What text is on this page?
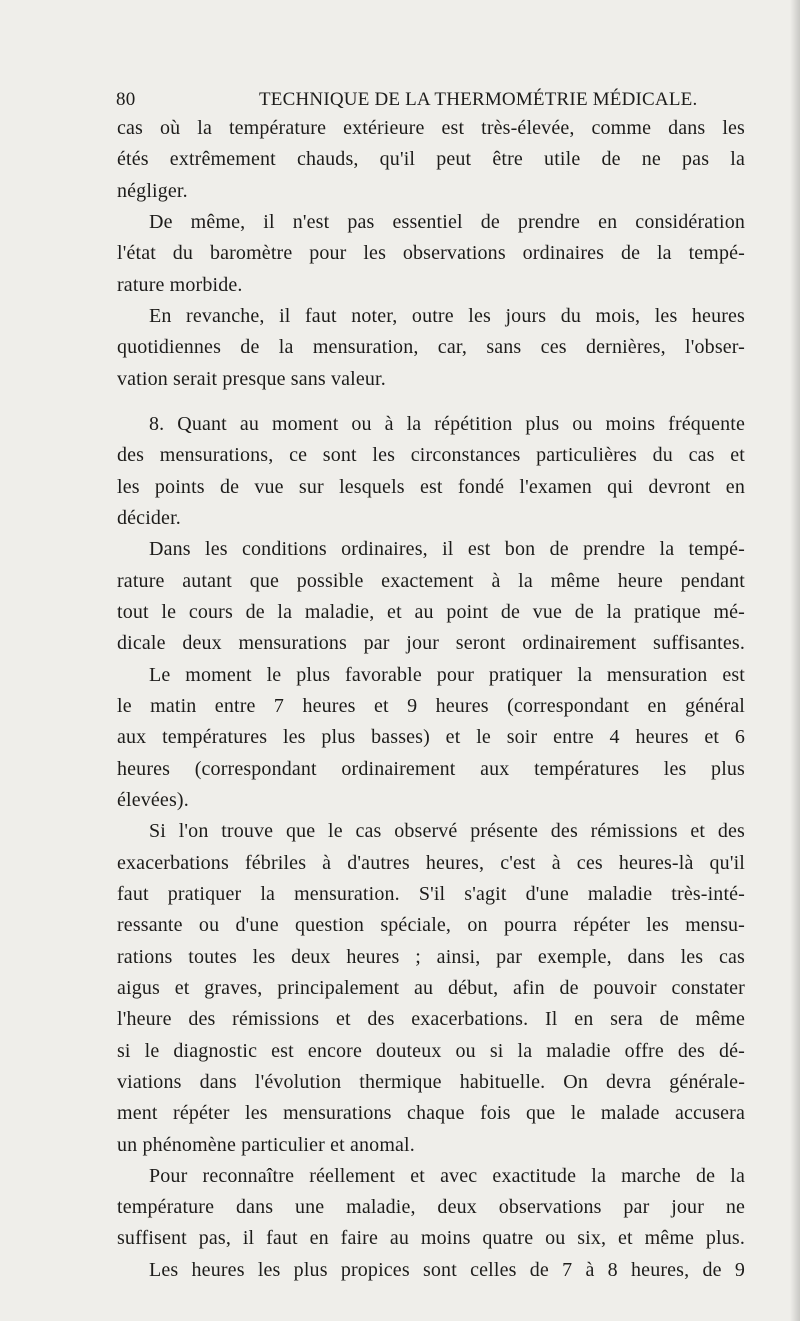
80	TECHNIQUE DE LA THERMOMÉTRIE MÉDICALE.
cas où la température extérieure est très-élevée, comme dans les
étés extrêmement chauds, qu'il peut être utile de ne pas la
négliger.
De même, il n'est pas essentiel de prendre en considération
l'état du baromètre pour les observations ordinaires de la tempé-
rature morbide.
En revanche, il faut noter, outre les jours du mois, les heures
quotidiennes de la mensuration, car, sans ces dernières, l'obser-
vation serait presque sans valeur.
8. Quant au moment ou à la répétition plus ou moins fréquente
des mensurations, ce sont les circonstances particulières du cas et
les points de vue sur lesquels est fondé l'examen qui devront en
décider.
Dans les conditions ordinaires, il est bon de prendre la tempé-
rature autant que possible exactement à la même heure pendant
tout le cours de la maladie, et au point de vue de la pratique mé-
dicale deux mensurations par jour seront ordinairement suffisantes.
Le moment le plus favorable pour pratiquer la mensuration est
le matin entre 7 heures et 9 heures (correspondant en général
aux températures les plus basses) et le soir entre 4 heures et 6
heures (correspondant ordinairement aux températures les plus
élevées).
Si l'on trouve que le cas observé présente des rémissions et des
exacerbations fébriles à d'autres heures, c'est à ces heures-là qu'il
faut pratiquer la mensuration. S'il s'agit d'une maladie très-inté-
ressante ou d'une question spéciale, on pourra répéter les mensu-
rations toutes les deux heures ; ainsi, par exemple, dans les cas
aigus et graves, principalement au début, afin de pouvoir constater
l'heure des rémissions et des exacerbations. Il en sera de même
si le diagnostic est encore douteux ou si la maladie offre des dé-
viations dans l'évolution thermique habituelle. On devra générale-
ment répéter les mensurations chaque fois que le malade accusera
un phénomène particulier et anomal.
Pour reconnaître réellement et avec exactitude la marche de la
température dans une maladie, deux observations par jour ne
suffisent pas, il faut en faire au moins quatre ou six, et même plus.
Les heures les plus propices sont celles de 7 à 8 heures, de 9
